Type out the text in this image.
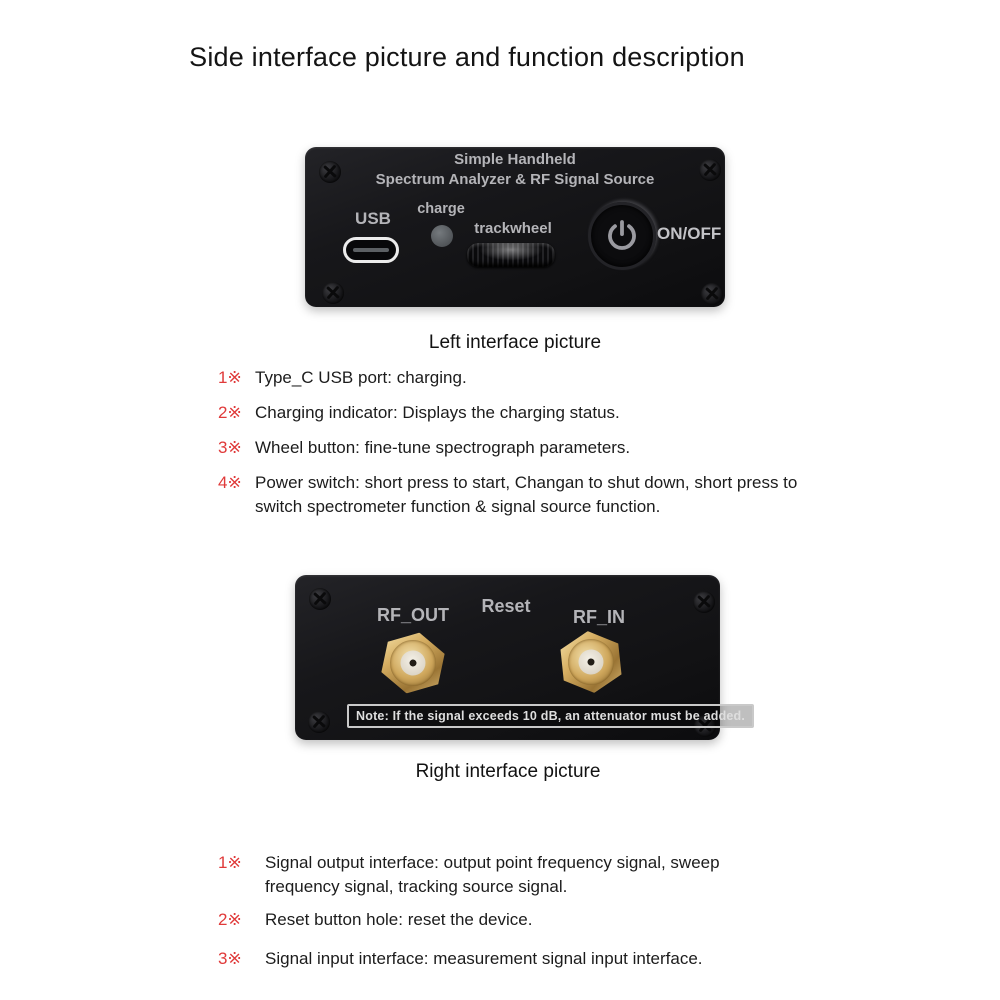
Side interface picture and function description
Simple Handheld
Spectrum Analyzer & RF Signal Source
USB	charge
trackwheel	ON/OFF
Left interface picture
1※ Type_C USB port: charging.
2※ Charging indicator: Displays the charging status.
3※ Wheel button: fine-tune spectrograph parameters.
4※ Power switch: short press to start, Changan to shut down, short press to switch spectrometer function & signal source function.
RF_OUT	Reset
RF_IN
Note: If the signal exceeds 10 dB, an attenuator must be added.
Right interface picture
1※	Signal output interface: output point frequency signal, sweep frequency signal, tracking source signal.
2※	Reset button hole: reset the device.
3※	Signal input interface: measurement signal input interface.
